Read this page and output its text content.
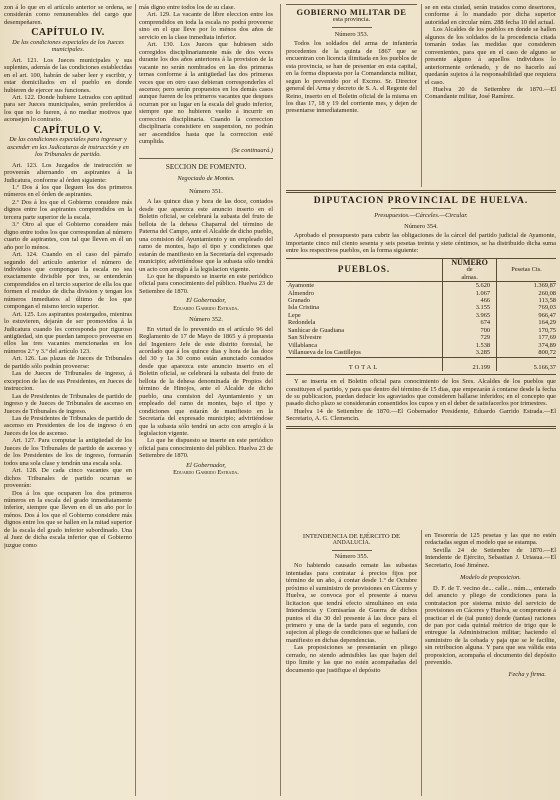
zon á lo que en el artículo anterior se ordena, se considerán como remunerables del cargo que desempeñaren.

CAPÍTULO IV.
De las condiciones especiales de los Jueces municipales.

Art. 121. Los Jueces municipales y sus suplentes, además de las condiciones establecidas en el art. 100, habrán de saber leer y escribir, y estar domiciliados en el pueblo en donde hubieren de ejercer sus funciones.

Art. 122. Donde hubiere Letrados con aptitud para ser Jueces municipales, serán preferidos á los que no lo fueren, á no mediar motivos que aconsejen lo contrario.

CAPÍTULO V.
De las condiciones especiales para ingresar y ascender en las Judicaturas de instrucción y en los Tribunales de partido.

Art. 123. Los Juzgados de instrucción se proveerán alternando en aspirantes á la Judicatura, conforme al órden siguiente:

1.º Dos á los que lleguen los dos primeros números en el órden de aspirantes.

2.º Dos á los que el Gobierno considere más dignos entre los aspirantes comprendidos en la tercera parte superior de la escala.

3.º Otro al que el Gobierno considere más digno entre todos los que correspondan al número cuarto de aspirantes, con tal que lleven en él un año por lo ménos.

Art. 124. Cuando en el caso del párrafo segundo del artículo anterior el número de individuos que compongan la escala no sea exactamente divisible por tres, se entenderán comprendidos en el tercio superior de ella los que formen el residuo de dicha division y tengan los números inmediatos al último de los que compongan el mismo tercio superior.

Art. 125. Los aspirantes postergados, mientras lo estuvieren, dejarán de ser promovidos á la Judicatura cuando les corresponda por riguroso antigüedad, sin que puedan tampoco proveerse en ellos las tres vacantes mencionadas en los números 2.º y 3.º del artículo 123.

Art. 126. Las plazas de Jueces de Tribunales de partido sólo podrán proveerse:

Las de Jueces de Tribunales de ingreso, á excepcion de las de sus Presidentes, en Jueces de instruccion.

Las de Presidentes de Tribunales de partido de ingreso y de Jueces de Tribunales de ascenso en Jueces de Tribunales de ingreso.

Las de Presidentes de Tribunales de partido de ascenso en Presidentes de los de ingreso ó en Jueces de los de ascenso.

Art. 127. Para computar la antigüedad de los Jueces de los Tribunales de partido de ascenso y de los Presidentes de los de ingreso, formarán todos una sola clase y tendrán una escala sola.

Art. 128. De cada cinco vacantes que en dichos Tribunales de partido ocurran se proveerán:

Dos á los que ocuparen los dos primeros números en la escala del grado inmediatamente inferior, siempre que lleven en él un año por lo ménos. Dos á los que el Gobierno considere más dignos entre los que se hallen en la mitad superior de la escala del grado inferior subordinado. Una al Juez de dicha escala inferior que el Gobierno juzgue como

más digno entre todos los de su clase.

Art. 129. La vacante de libre eleccion entre los comprendidos en toda la escala no podrá proveerse sino en el que lleve por lo ménos dos años de servicio en la clase inmediata inferior.

Art. 130. Los Jueces que hubiesen sido corregidos disciplinariamente más de dos veces durante los dos años anteriores á la provision de la vacante no serán nombrados en las dos primeras ternas conforme á la antigüedad las dos primeras veces que en otro caso debieran corresponderles el ascenso; pero serán propuestos en los demás casos aunque fueren de los primeros vacantes que despues ocurran por su lugar en la escala del grado inferior, siempre que no hubieren vuelto á incurrir en correccion disciplinaria. Cuando la correccion disciplinaria consistiere en suspension, no podrán ser ascendidos hasta que la correccion esté cumplida.

(Se continuará.)
SECCION DE FOMENTO.
Negociado de Montes.
Número 351.

A las quince dias y hora de las doce, contados desde que aparezca este anuncio inserto en el Boletin oficial, se celebrará la subasta del fruto de bellota de la dehesa Chaparral del término de Paterna del Campo, ante el Alcalde de dicho pueblo, una comision del Ayuntamiento y un empleado del ramo de montes, bajo el tipo y condiciones que estarán de manifiesto en la Secretaría del expresado municipio; advirtiéndose que la subasta sólo tendrá un acto con arreglo á la legislacion vigente.

Lo que he dispuesto se inserte en este periódico oficial para conocimiento del público. Huelva 23 de Setiembre de 1870.

El Gobernador,
Eduardo Garrido Estrada.
Número 352.

En virtud de lo prevenido en el artículo 96 del Reglamento de 17 de Mayo de 1865 y á propuesta del Ingeniero Jefe de este distrito forestal, he acordado que á los quince dias y hora de las doce del 30 y 1a 30 como están anunciado contados desde que aparezca este anuncio inserto en el Boletin oficial, se celebrará la subasta del fruto de bellota de la dehesa denominada de Propios del término de Hinojos, ante el Alcalde de dicho pueblo, una comision del Ayuntamiento y un empleado del ramo de montes, bajo el tipo y condiciones que estarán de manifiesto en la Secretaría del expresado municipio; advirtiéndose que la subasta sólo tendrá un acto con arreglo á la legislacion vigente.

Lo que he dispuesto se inserte en este periódico oficial para conocimiento del público. Huelva 23 de Setiembre de 1870.

El Gobernador,
Eduardo Garrido Estrada.
GOBIERNO MILITAR DE
esta provincia.
Número 353.

Todos los soldados del arma de infantería procedentes de la quinta de 1867 que se encuentran con licencia ilimitada en los pueblos de esta provincia, se han de presentar en esta capital, en la forma dispuesta por la Comandancia militar, segun lo prevenido por el Excmo. Sr. Director general del Arma y decreto de S. A. el Regente del Reino, inserto en el Boletin oficial de la misma en los dias 17, 18 y 19 del corriente mes, y dejen de presentarse inmediatamente.

se en esta ciudad, serán tratados como desertores, conforme á lo mandado por dicha superior autoridad en circular núm. 288 fecha 10 del actual.

Los Alcaldes de los pueblos en donde se hallen algunos de los soldados de la procedencia citada tomarán todas las medidas que consideren convenientes, para que en el caso de alguno se presente alguno á aquellos individuos lo anteriormente ordenado, y de no hacerlo así quedarán sujetos á la responsabilidad que requiera el caso.

Huelva 20 de Setiembre de 1870.—El Comandante militar, José Ramírez.

DIPUTACION PROVINCIAL DE HUELVA.
Presupuestos.—Cárceles.—Circular.
Número 354.

Aprobado el presupuesto para cubrir las obligaciones de la cárcel del partido judicial de Ayamonte, importante cinco mil ciento sesenta y seis pesetas treinta y siete céntimos, se ha distribuido dicha suma entre los respectivos pueblos, en la forma siguiente:

PUEBLOS.	NÚMERO	Pesetas Cts.
	de	
	almas.	
Ayamonte	5.620	1.369,87
Almendro	1.067	260,08
Granado	466	113,58
Isla Cristina	3.155	769,03
Lepe	3.965	966,47
Redondela	674	164,29
Sanlúcar de Guadiana	700	170,75
San Silvestre	729	177,69
Villablanca	1.538	374,89
Villanueva de los Castillejos	3.285	800,72
TOTAL	21.199	5.166,37

Y se inserta en el Boletin oficial para conocimiento de los Sres. Alcaldes de los pueblos que constituyen el partido, y para que dentro del término de 15 dias, que empezarán á contarse desde la fecha de su publicacion, puedan deducir los agraviados que consideren hallarse inferidos; en el concepto que pasado dicho plazo se considerarán consentidos los cupos y en el deber de satisfacerlos por trimestres.

Huelva 14 de Setiembre de 1870.—El Gobernador Presidente, Eduardo Garrido Estrada.—El Secretario, A. G. Clemencin.

INTENDENCIA DE EJÉRCITO DE
ANDALUCÍA.
Número 355.

No habiendo causado remate las subastas intentadas para contratar á precios fijos por término de un año, á contar desde 1.º de Octubre próximo el suministro de provisiones en Cáceres y Huelva, se convoca por el presente á nueva licitacion que tendrá efecto simultáneo en esta Intendencia y Comisarías de Guerra de dichos puntos el dia 30 del presente á las doce para el primero y una de la tarde para el segundo, con sujecion al pliego de condiciones que se hallará de manifiesto en dichas dependencias.

Las proposiciones se presentarán en pliego cerrado, no siendo admisibles las que bajen del tipo limite y las que no estén acompañadas del documento que justifique el depósito

en Tesorería de 125 pesetas y las que no estén redactadas segun el modelo que se estampa.

Sevilla 24 de Setiembre de 1870.—El Intendente de Ejército, Sebastian J. Uriasua.—El Secretario, José Jiménez.

Modelo de proposicion.

D. F. de T. vecino de... calle... núm..., enterado del anuncio y pliego de condiciones para la contratacion por sistema mixto del servicio de provisiones en Cáceres y Huelva, se compromete á practicar el de (tal punto) donde (tantas) raciones de pan por cada quintal métrico de trigo que le entregue la Administracion militar; haciendo el suministro de la cebada y paja que se le facilite, sin retribucion alguna. Y para que sea válida esta proposicion, acompaña el documento del depósito prevenido.

Fecha y firma.
